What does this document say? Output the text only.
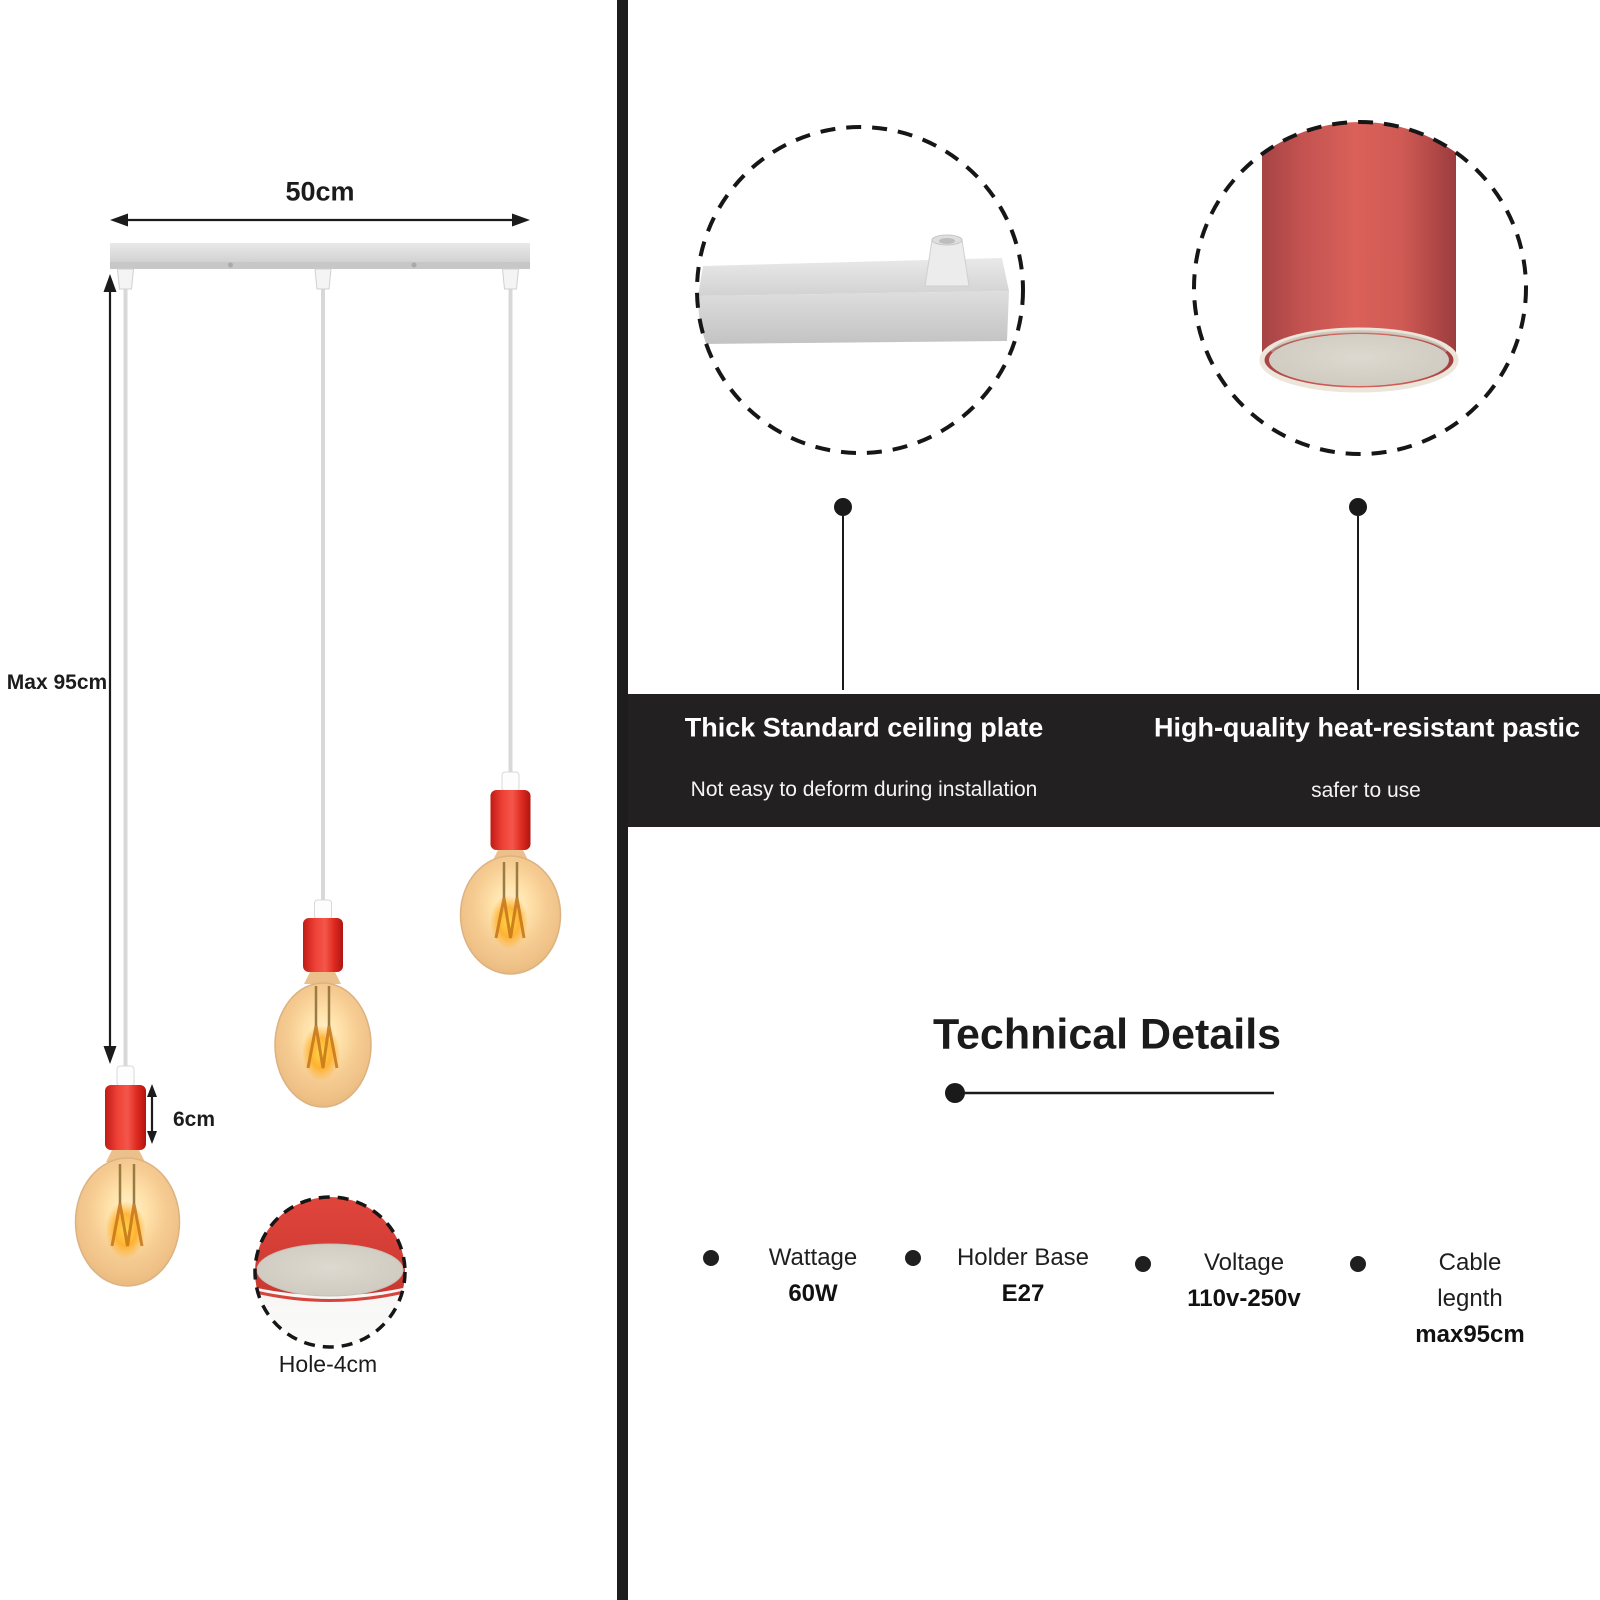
50cm
Max 95cm
6cm
Hole-4cm
Thick Standard ceiling plate
Not easy to deform during installation
High-quality heat-resistant pastic
safer to use
Technical Details
Wattage
60W
Holder Base
E27
Voltage
110v-250v
Cable legnth
max95cm
